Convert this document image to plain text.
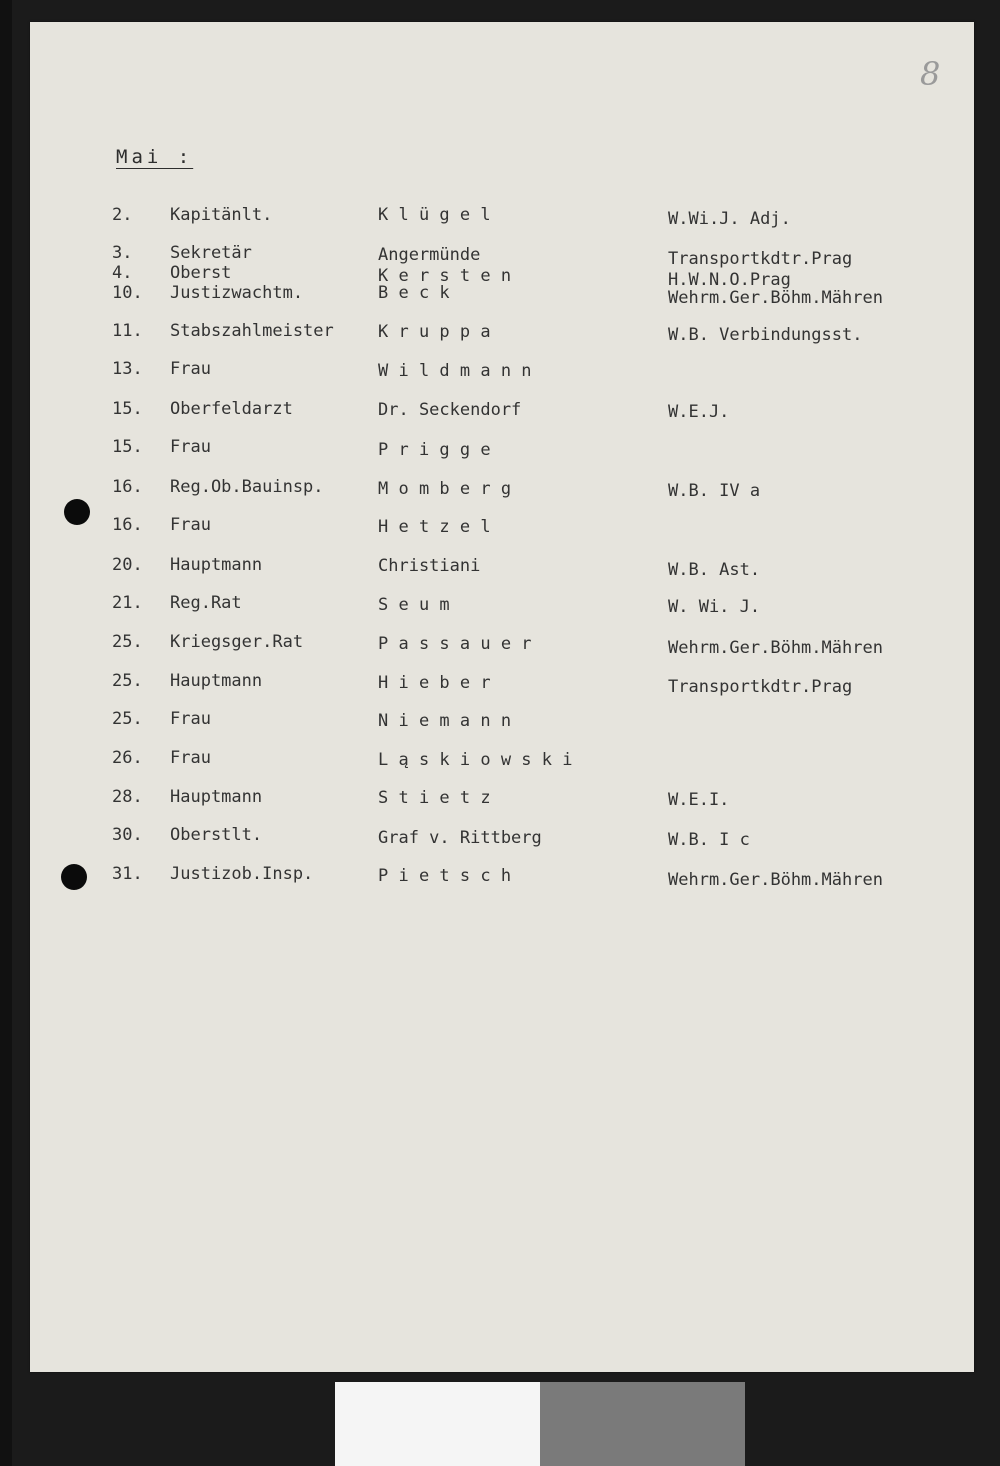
8
Mai :
2. Kapitänlt.	K l ü g e l	W.Wi.J. Adj.
3. Sekretär	Angermünde	Transportkdtr.Prag
4. Oberst	K e r s t e n	H.W.N.O.Prag
10. Justizwachtm.	B e c k	Wehrm.Ger.Böhm.Mähren
11. Stabszahlmeister	K r u p p a	W.B. Verbindungsst.
13. Frau	W i l d m a n n
15. Oberfeldarzt	Dr. Seckendorf	W.E.J.
15. Frau	P r i g g e
16. Reg.Ob.Bauinsp.	M o m b e r g	W.B. IV a
16. Frau	H e t z e l
20. Hauptmann	Christiani	W.B. Ast.
21. Reg.Rat	S e u m	W. Wi. J.
25. Kriegsger.Rat	P a s s a u e r	Wehrm.Ger.Böhm.Mähren
25. Hauptmann	H i e b e r	Transportkdtr.Prag
25. Frau	N i e m a n n
26. Frau	L ą s k i o w s k i
28. Hauptmann	S t i e t z	W.E.I.
30. Oberstlt.	Graf v. Rittberg	W.B. I c
31. Justizob.Insp.	P i e t s c h	Wehrm.Ger.Böhm.Mähren
